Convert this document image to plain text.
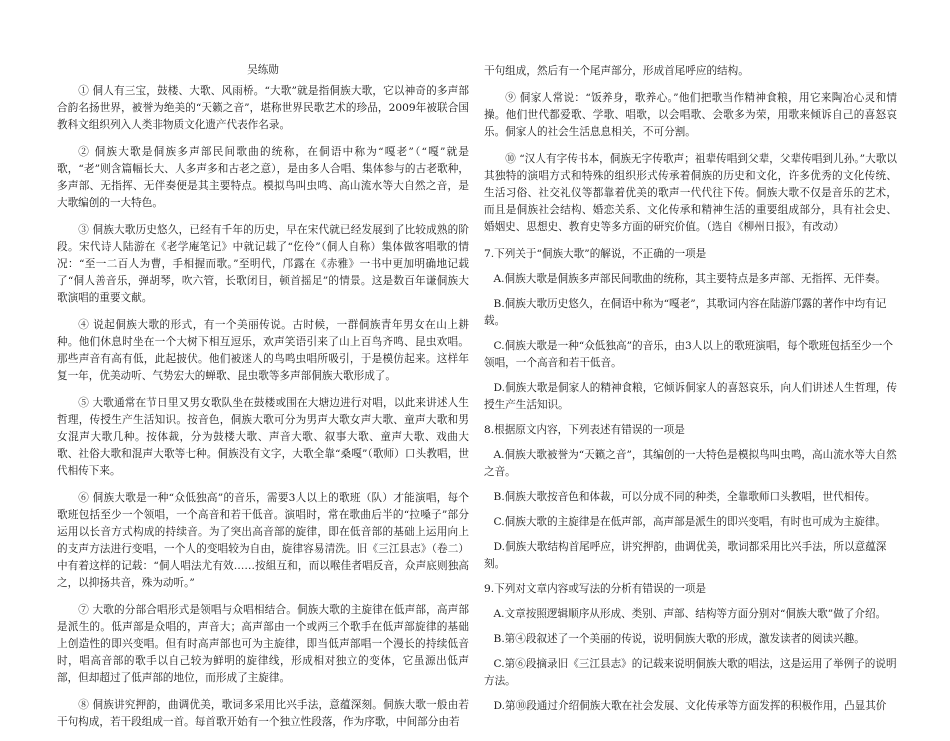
吴练勋

① 侗人有三宝，鼓楼、大歌、风雨桥。“大歌”就是指侗族大歌，它以神奇的多声部合韵名扬世界，被誉为绝美的“天籁之音”，堪称世界民歌艺术的珍品，2009年被联合国教科文组织列入人类非物质文化遗产代表作名录。

② 侗族大歌是侗族多声部民间歌曲的统称，在侗语中称为“嘎老”（“嘎”就是歌，“老”则含篇幅长大、人多声多和古老之意），是由多人合唱、集体参与的古老歌种，多声部、无指挥、无伴奏便是其主要特点。模拟鸟叫虫鸣、高山流水等大自然之音，是大歌编创的一大特色。

③ 侗族大歌历史悠久，已经有千年的历史，早在宋代就已经发展到了比较成熟的阶段。宋代诗人陆游在《老学庵笔记》中就记载了“仡伶”（侗人自称）集体做客唱歌的情况：“至一二百人为曹，手相握而歌。”至明代，邝露在《赤雅》一书中更加明确地记载了“侗人善音乐，弹胡琴，吹六管，长歌闭目，顿首摇足”的情景。这是数百年谦侗族大歌演唱的重要文献。

④ 说起侗族大歌的形式，有一个美丽传说。古时候，一群侗族青年男女在山上耕种。他们休息时坐在一个大树下相互逗乐，欢声笑语引来了山上百鸟齐鸣、昆虫欢唱。那些声音有高有低，此起披伏。他们被迷人的鸟鸣虫唱所吸引，于是模仿起来。这样年复一年，优美动听、气势宏大的蝉歌、昆虫歌等多声部侗族大歌形成了。

⑤ 大歌通常在节日里又男女歌队坐在鼓楼或围在大塘边进行对唱，以此来讲述人生哲理，传授生产生活知识。按音色，侗族大歌可分为男声大歌女声大歌、童声大歌和男女混声大歌几种。按体裁，分为鼓楼大歌、声音大歌、叙事大歌、童声大歌、戏曲大歌、社俗大歌和混声大歌等七种。侗族没有文字，大歌全靠“桑嘎”（歌师）口头教唱，世代相传下来。

⑥ 侗族大歌是一种“众低独高”的音乐，需要3人以上的歌班（队）才能演唱，每个歌班包括至少一个领唱，一个高音和若干低音。演唱时，常在歌曲后半的“拉嗓子”部分运用以长音方式构成的持续音。为了突出高音部的旋律，即在低音部的基础上运用向上的支声方法进行变唱，一个人的变唱较为自由，旋律容易清洗。旧《三江县志》（卷二）中有着这样的记载：“侗人唱法尤有效……按組互和，而以喉佳者唱反音，众声底则独高之，以抑扬共音，殊为动听。”

⑦ 大歌的分部合唱形式是领唱与众唱相结合。侗族大歌的主旋律在低声部，高声部是派生的。低声部是众唱的，声音大；高声部由一个或两三个歌手在低声部旋律的基础上创造性的即兴变唱。但有时高声部也可为主旋律，即当低声部唱一个漫长的持续低音时，唱高音部的歌手以自己较为鲜明的旋律线，形成相对独立的变体，它虽源出低声部，但却超过了低声部的地位，而形成了主旋律。

⑧ 侗族讲究押韵，曲调优美，歌词多采用比兴手法，意蕴深刻。侗族大歌一般由若干句构成，若干段组成一首。每首歌开始有一个独立性段落，作为序歌，中间部分由若

干句组成，然后有一个尾声部分，形成首尾呼应的结构。

⑨ 侗家人常说：“饭养身，歌养心。”他们把歌当作精神食粮，用它来陶冶心灵和情操。他们世代都爱歌、学歌、唱歌，以会唱歌、会歌多为荣，用歌来倾诉自己的喜怒哀乐。侗家人的社会生活息息相关，不可分割。

⑩ “汉人有字传书本，侗族无字传歌声；祖辈传唱到父辈，父辈传唱到儿孙。”大歌以其独特的演唱方式和特殊的组织形式传承着侗族的历史和文化，许多优秀的文化传统、生活习俗、社交礼仪等都靠着优美的歌声一代代往下传。侗族大歌不仅是音乐的艺术，而且是侗族社会结构、婚恋关系、文化传承和精神生活的重要组成部分，具有社会史、婚姻史、思想史、教育史等多方面的研究价值。（选自《柳州日报》，有改动）

7.下列关于“侗族大歌”的解说，不正确的一项是
A.侗族大歌是侗族多声部民间歌曲的统称，其主要特点是多声部、无指挥、无伴奏。
B.侗族大歌历史悠久，在侗语中称为“嘎老”，其歌词内容在陆游邝露的著作中均有记载。
C.侗族大歌是一种“众低独高”的音乐，由3人以上的歌班演唱，每个歌班包括至少一个领唱，一个高音和若干低音。
D.侗族大歌是侗家人的精神食粮，它倾诉侗家人的喜怒哀乐，向人们讲述人生哲理，传授生产生活知识。
8.根据原文内容，下列表述有错误的一项是
A.侗族大歌被誉为“天籁之音”，其编创的一大特色是模拟鸟叫虫鸣，高山流水等大自然之音。
B.侗族大歌按音色和体裁，可以分成不同的种类，全靠歌师口头教唱，世代相传。
C.侗族大歌的主旋律是在低声部，高声部是派生的即兴变唱，有时也可成为主旋律。
D.侗族大歌结构首尾呼应，讲究押韵，曲调优美，歌词都采用比兴手法，所以意蕴深刻。
9.下列对文章内容或写法的分析有错误的一项是
A.文章按照逻辑顺序从形成、类别、声部、结构等方面分别对“侗族大歌”做了介绍。
B.第④段叙述了一个美丽的传说，说明侗族大歌的形成，激发读者的阅读兴趣。
C.第⑥段摘录旧《三江县志》的记载来说明侗族大歌的唱法，这是运用了举例子的说明方法。
D.第⑩段通过介绍侗族大歌在社会发展、文化传承等方面发挥的积极作用，凸显其价
